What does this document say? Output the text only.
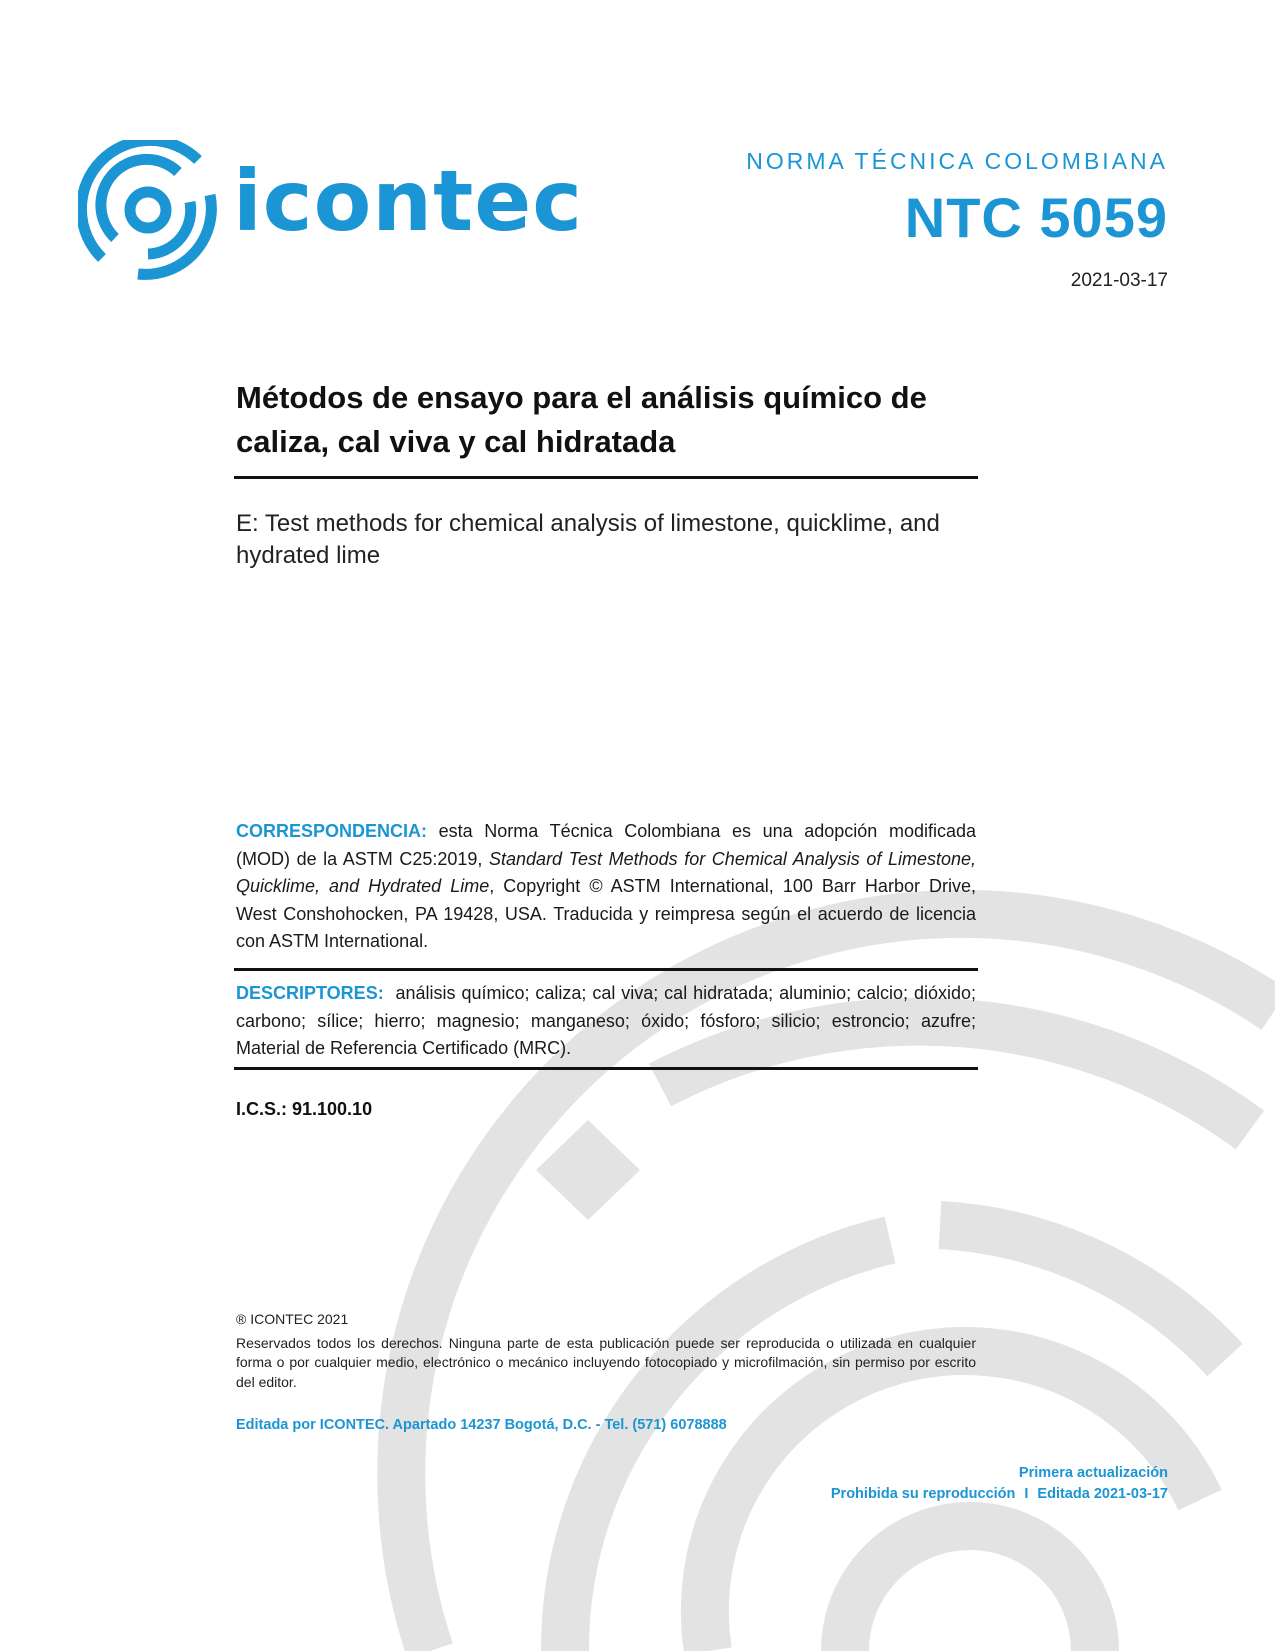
icontec	NORMA TÉCNICA COLOMBIANA
NTC 5059
2021-03-17
Métodos de ensayo para el análisis químico de caliza, cal viva y cal hidratada
E: Test methods for chemical analysis of limestone, quicklime, and hydrated lime
CORRESPONDENCIA: esta Norma Técnica Colombiana es una adopción modificada (MOD) de la ASTM C25:2019, Standard Test Methods for Chemical Analysis of Limestone, Quicklime, and Hydrated Lime, Copyright © ASTM International, 100 Barr Harbor Drive, West Conshohocken, PA 19428, USA. Traducida y reimpresa según el acuerdo de licencia con ASTM International.
DESCRIPTORES:  análisis químico; caliza; cal viva; cal hidratada; aluminio; calcio; dióxido; carbono; sílice; hierro; magnesio; manganeso; óxido; fósforo; silicio; estroncio; azufre; Material de Referencia Certificado (MRC).
I.C.S.: 91.100.10
® ICONTEC 2021
Reservados todos los derechos. Ninguna parte de esta publicación puede ser reproducida o utilizada en cualquier forma o por cualquier medio, electrónico o mecánico incluyendo fotocopiado y microfilmación, sin permiso por escrito del editor.
Editada por ICONTEC. Apartado 14237 Bogotá, D.C. - Tel. (571) 6078888
Primera actualización
Prohibida su reproducción I Editada 2021-03-17
